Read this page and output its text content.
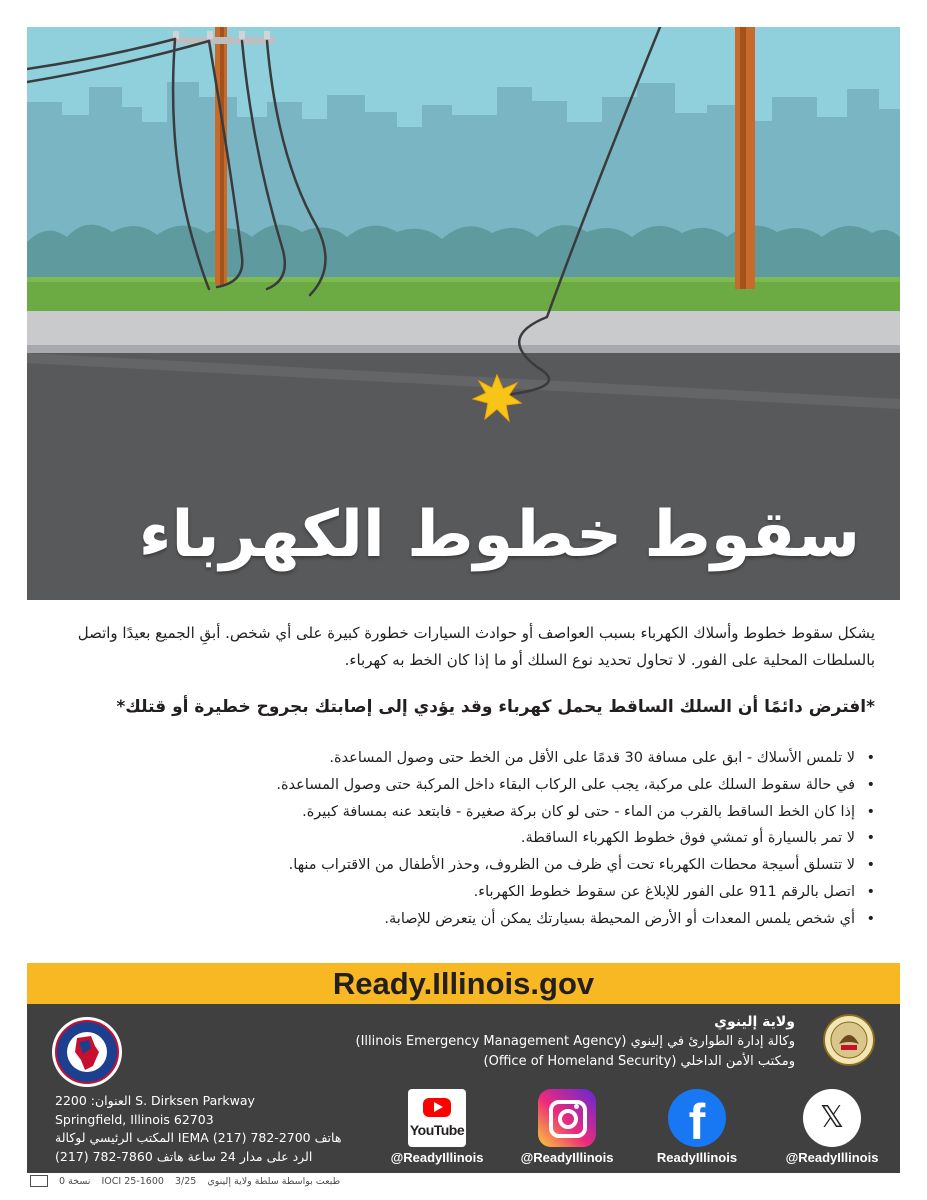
سقوط خطوط الكهرباء

يشكل سقوط خطوط وأسلاك الكهرباء بسبب العواصف أو حوادث السيارات خطورة كبيرة على أي شخص. أبقِ الجميع بعيدًا واتصل بالسلطات المحلية على الفور. لا تحاول تحديد نوع السلك أو ما إذا كان الخط به كهرباء.

*افترض دائمًا أن السلك الساقط يحمل كهرباء وقد يؤدي إلى إصابتك بجروح خطيرة أو قتلك*
• لا تلمس الأسلاك - ابق على مسافة 30 قدمًا على الأقل من الخط حتى وصول المساعدة.
• في حالة سقوط السلك على مركبة، يجب على الركاب البقاء داخل المركبة حتى وصول المساعدة.
• إذا كان الخط الساقط بالقرب من الماء - حتى لو كان بركة صغيرة - فابتعد عنه بمسافة كبيرة.
• لا تمر بالسيارة أو تمشي فوق خطوط الكهرباء الساقطة.
• لا تتسلق أسيجة محطات الكهرباء تحت أي ظرف من الظروف، وحذر الأطفال من الاقتراب منها.
• اتصل بالرقم 911 على الفور للإبلاغ عن سقوط خطوط الكهرباء.
• أي شخص يلمس المعدات أو الأرض المحيطة بسيارتك يمكن أن يتعرض للإصابة.
Ready.Illinois.gov
ولاية إلينوي
وكالة إدارة الطوارئ في إلينوي (Illinois Emergency Management Agency)
ومكتب الأمن الداخلي (Office of Homeland Security)
العنوان: 2200 S. Dirksen Parkway
Springfield, Illinois 62703
المكتب الرئيسي لوكالة IEMA هاتف 2700-782 (217)
الرد على مدار 24 ساعة هاتف 7860-782 (217)
YouTube
@ReadyIllinois	@ReadyIllinois
f
ReadyIllinois
𝕏
@ReadyIllinois
0 نسخة IOCI 25-1600 3/25 طبعت بواسطة سلطة ولاية إلينوي
